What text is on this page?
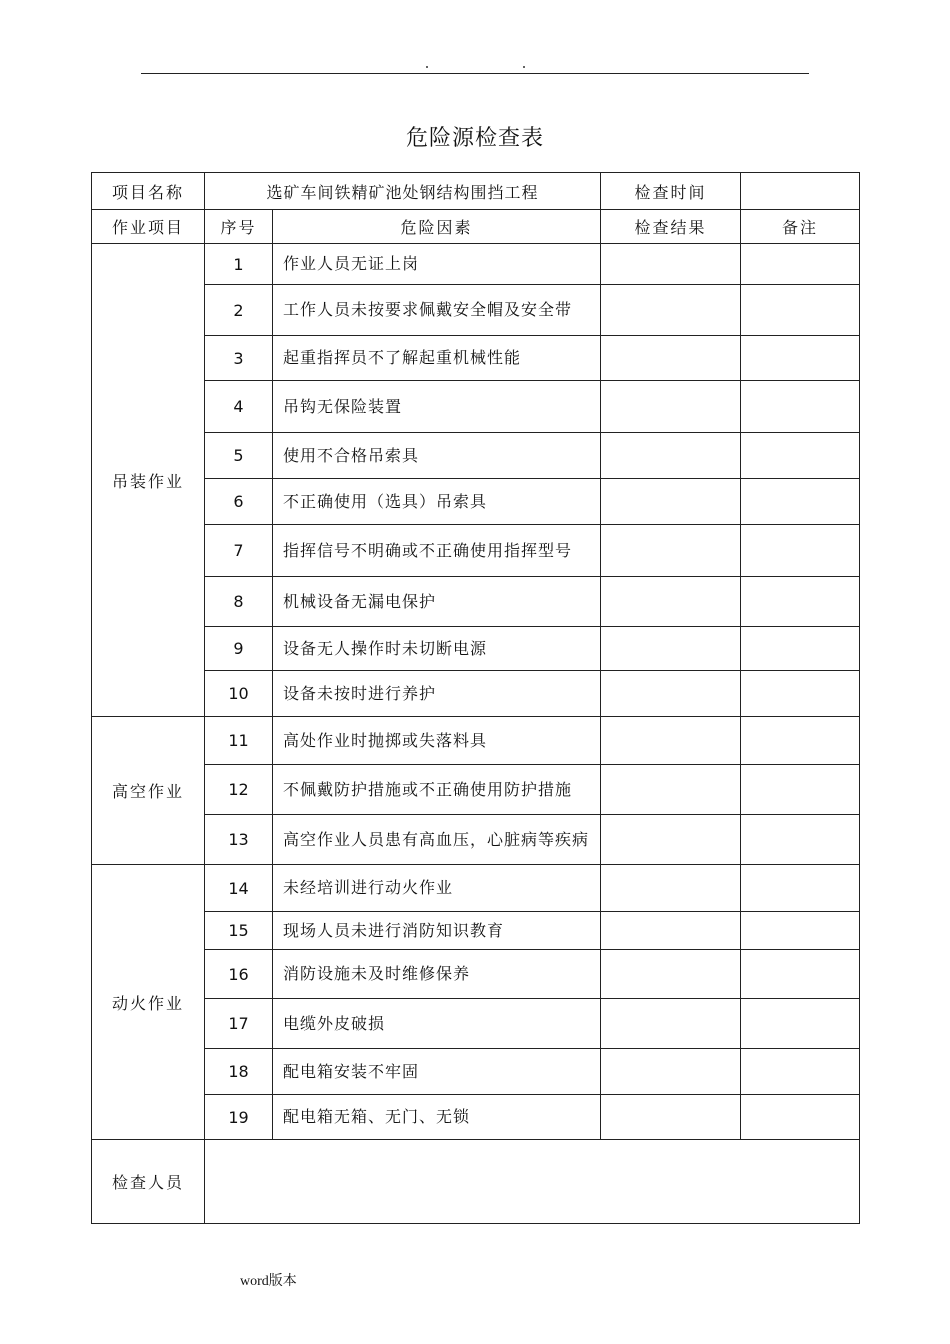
危险源检查表
项目名称	选矿车间铁精矿池处钢结构围挡工程		检查时间	
作业项目	序号	危险因素	检查结果	备注
吊装作业	1	作业人员无证上岗		
	2	工作人员未按要求佩戴安全帽及安全带		
	3	起重指挥员不了解起重机械性能		
	4	吊钩无保险装置		
	5	使用不合格吊索具		
	6	不正确使用（选具）吊索具		
	7	指挥信号不明确或不正确使用指挥型号		
	8	机械设备无漏电保护		
	9	设备无人操作时未切断电源		
	10	设备未按时进行养护		
高空作业	11	高处作业时抛掷或失落料具		
	12	不佩戴防护措施或不正确使用防护措施		
	13	高空作业人员患有高血压，心脏病等疾病		
动火作业	14	未经培训进行动火作业		
	15	现场人员未进行消防知识教育		
	16	消防设施未及时维修保养		
	17	电缆外皮破损		
	18	配电箱安装不牢固		
	19	配电箱无箱、无门、无锁		
检查人员				
word版本
